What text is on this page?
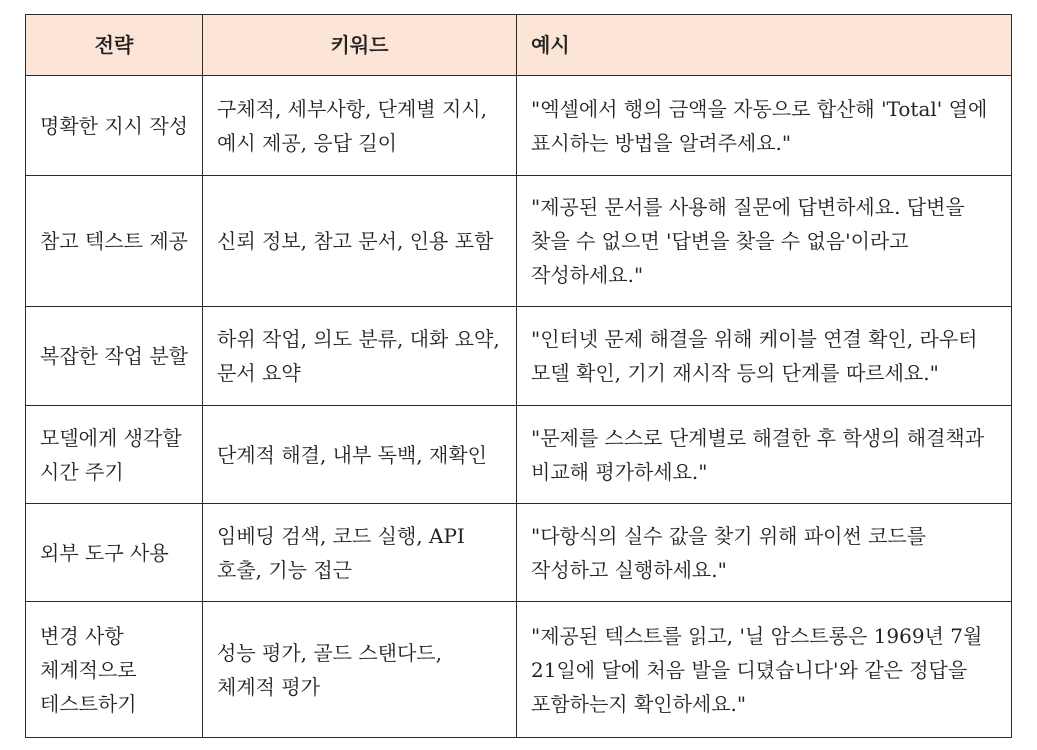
전략	키워드	예시
명확한 지시 작성	구체적, 세부사항, 단계별 지시, 예시 제공, 응답 길이	"엑셀에서 행의 금액을 자동으로 합산해 'Total' 열에 표시하는 방법을 알려주세요."
참고 텍스트 제공	신뢰 정보, 참고 문서, 인용 포함	"제공된 문서를 사용해 질문에 답변하세요. 답변을 찾을 수 없으면 '답변을 찾을 수 없음'이라고 작성하세요."
복잡한 작업 분할	하위 작업, 의도 분류, 대화 요약, 문서 요약	"인터넷 문제 해결을 위해 케이블 연결 확인, 라우터 모델 확인, 기기 재시작 등의 단계를 따르세요."
모델에게 생각할 시간 주기	단계적 해결, 내부 독백, 재확인	"문제를 스스로 단계별로 해결한 후 학생의 해결책과 비교해 평가하세요."
외부 도구 사용	임베딩 검색, 코드 실행, API 호출, 기능 접근	"다항식의 실수 값을 찾기 위해 파이썬 코드를 작성하고 실행하세요."
변경 사항 체계적으로 테스트하기	성능 평가, 골드 스탠다드, 체계적 평가	"제공된 텍스트를 읽고, '닐 암스트롱은 1969년 7월 21일에 달에 처음 발을 디뎠습니다'와 같은 정답을 포함하는지 확인하세요."
